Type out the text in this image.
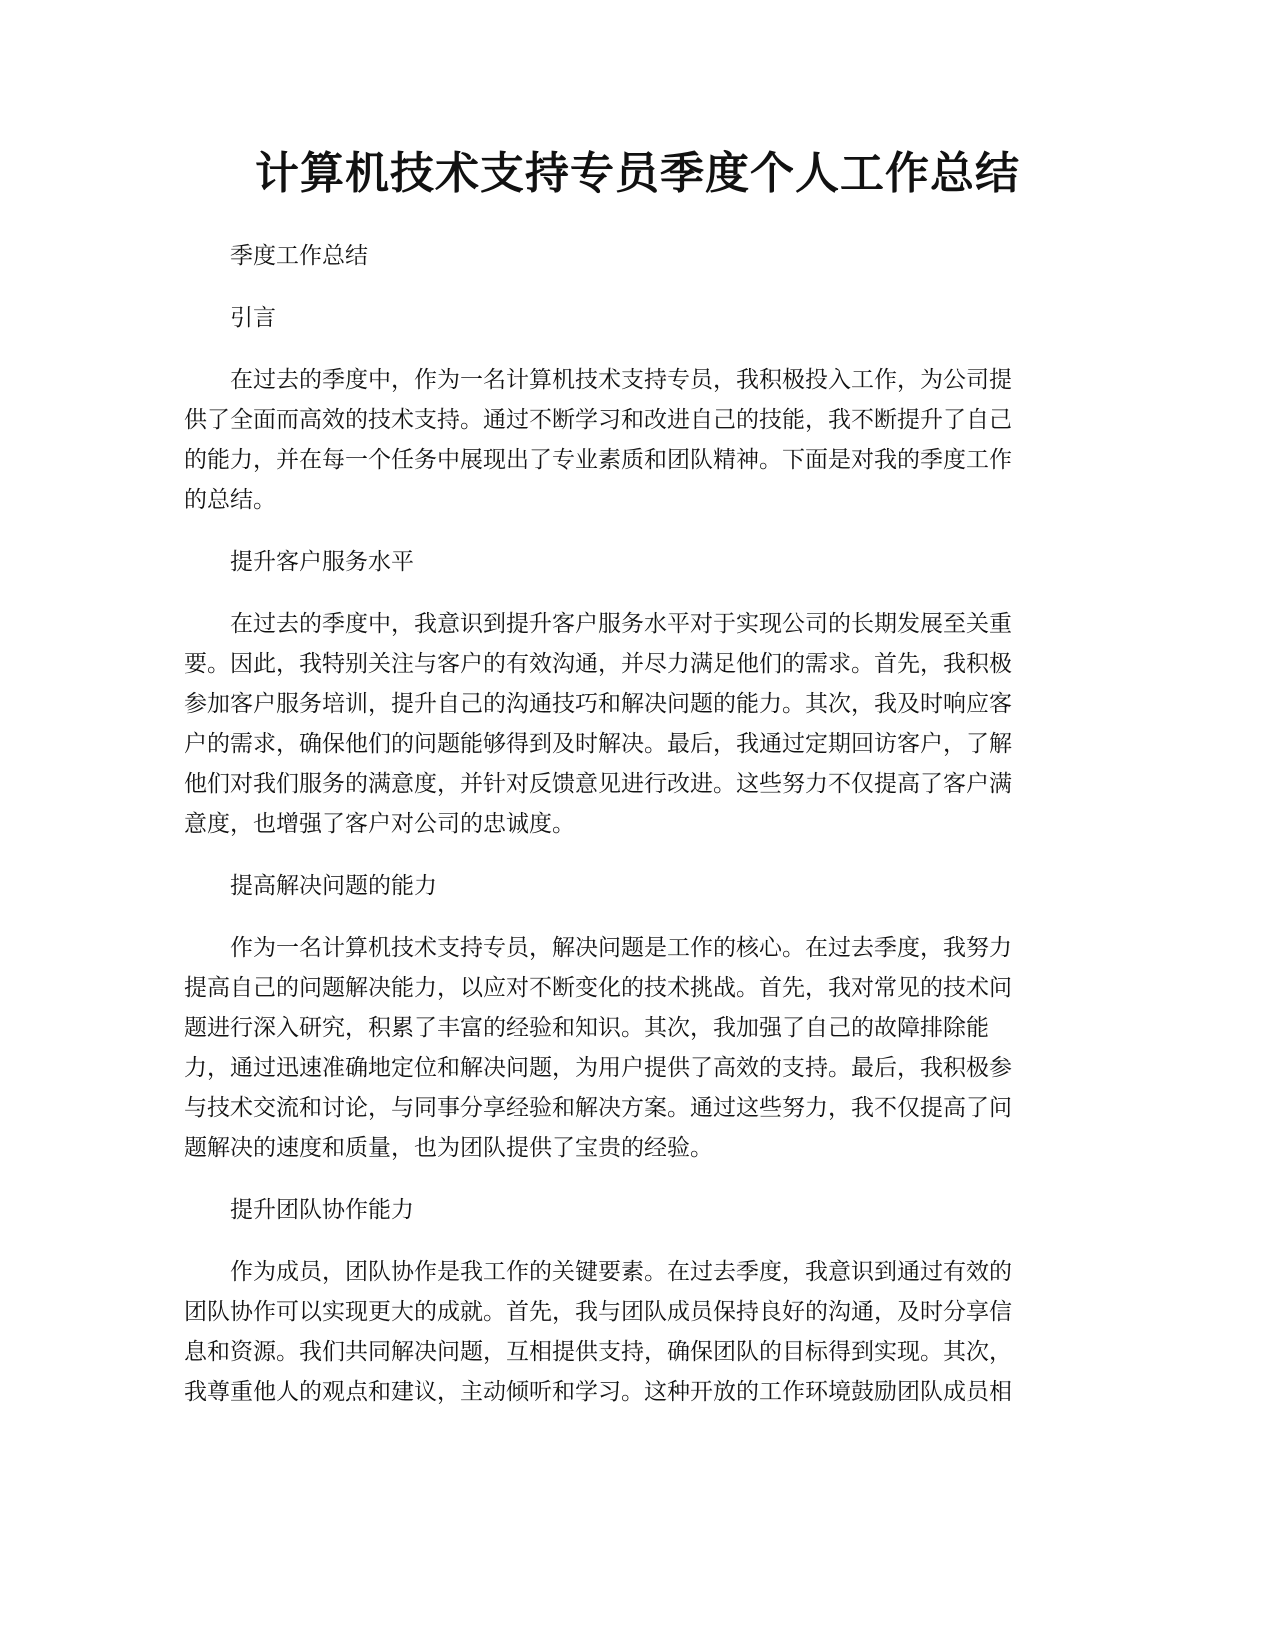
计算机技术支持专员季度个人工作总结

季度工作总结

引言

在过去的季度中，作为一名计算机技术支持专员，我积极投入工作，为公司提
供了全面而高效的技术支持。通过不断学习和改进自己的技能，我不断提升了自己
的能力，并在每一个任务中展现出了专业素质和团队精神。下面是对我的季度工作
的总结。

提升客户服务水平

在过去的季度中，我意识到提升客户服务水平对于实现公司的长期发展至关重
要。因此，我特别关注与客户的有效沟通，并尽力满足他们的需求。首先，我积极
参加客户服务培训，提升自己的沟通技巧和解决问题的能力。其次，我及时响应客
户的需求，确保他们的问题能够得到及时解决。最后，我通过定期回访客户，了解
他们对我们服务的满意度，并针对反馈意见进行改进。这些努力不仅提高了客户满
意度，也增强了客户对公司的忠诚度。

提高解决问题的能力

作为一名计算机技术支持专员，解决问题是工作的核心。在过去季度，我努力
提高自己的问题解决能力，以应对不断变化的技术挑战。首先，我对常见的技术问
题进行深入研究，积累了丰富的经验和知识。其次，我加强了自己的故障排除能
力，通过迅速准确地定位和解决问题，为用户提供了高效的支持。最后，我积极参
与技术交流和讨论，与同事分享经验和解决方案。通过这些努力，我不仅提高了问
题解决的速度和质量，也为团队提供了宝贵的经验。

提升团队协作能力

作为成员，团队协作是我工作的关键要素。在过去季度，我意识到通过有效的
团队协作可以实现更大的成就。首先，我与团队成员保持良好的沟通，及时分享信
息和资源。我们共同解决问题，互相提供支持，确保团队的目标得到实现。其次，
我尊重他人的观点和建议，主动倾听和学习。这种开放的工作环境鼓励团队成员相
